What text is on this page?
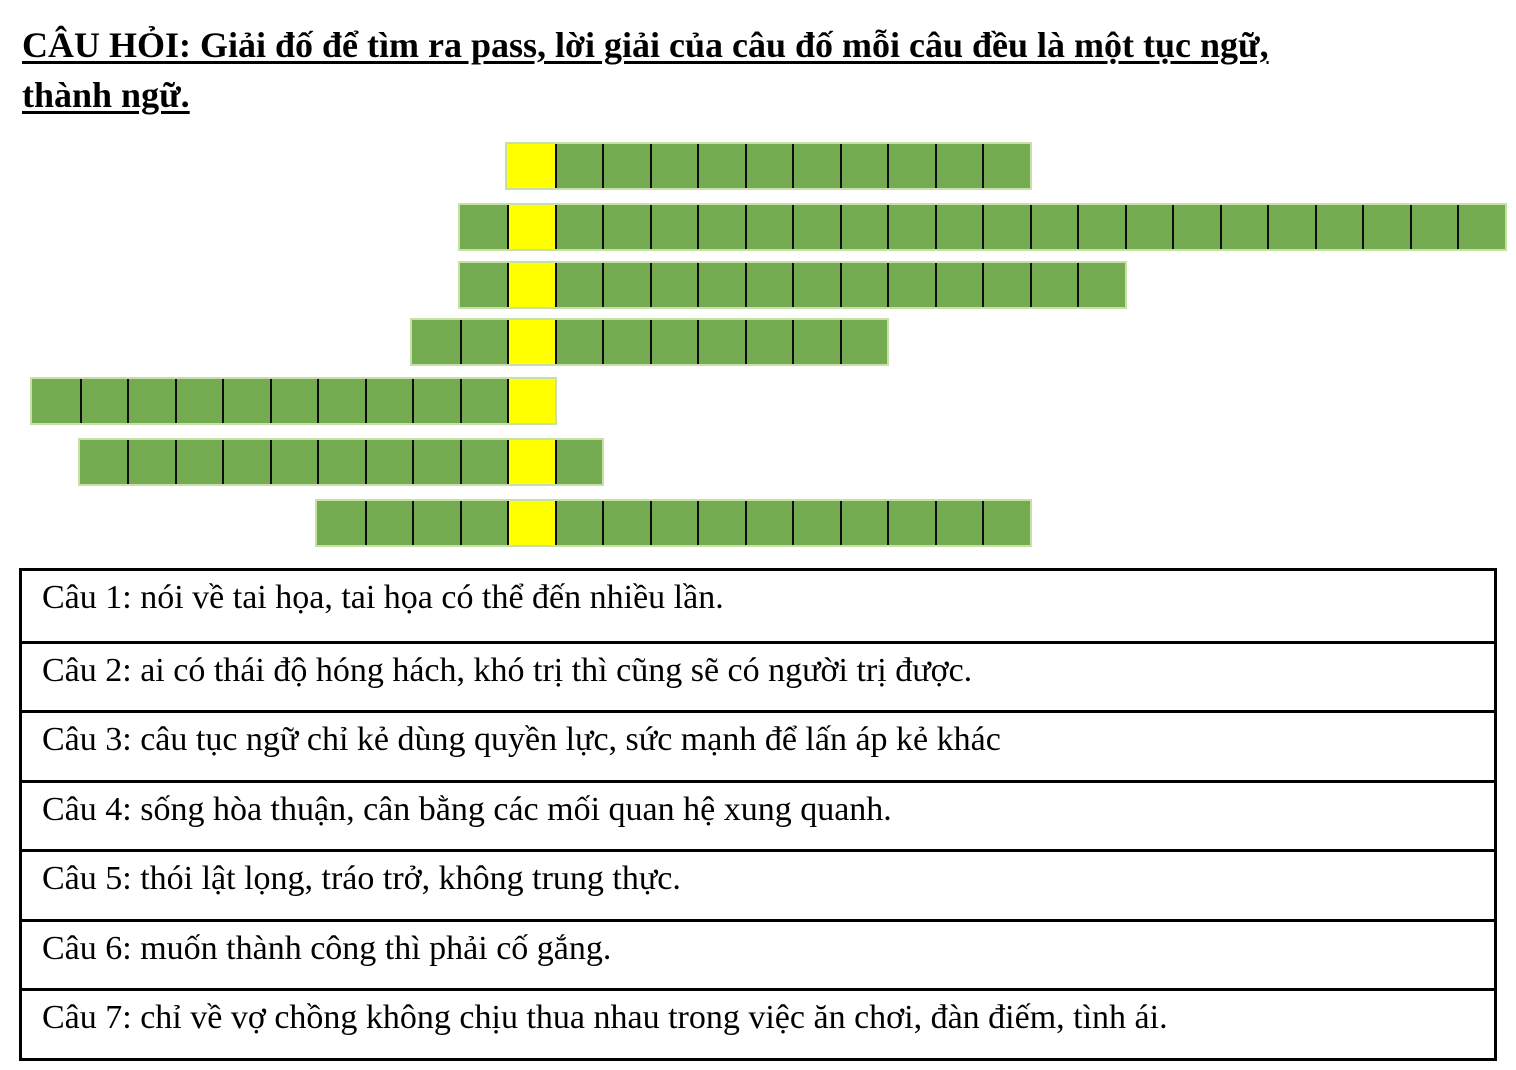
CÂU HỎI: Giải đố để tìm ra pass, lời giải của câu đố mỗi câu đều là một tục ngữ,
thành ngữ.
Câu 1: nói về tai họa, tai họa có thể đến nhiều lần.
Câu 2: ai có thái độ hóng hách, khó trị thì cũng sẽ có người trị được.
Câu 3: câu tục ngữ chỉ kẻ dùng quyền lực, sức mạnh để lấn áp kẻ khác
Câu 4: sống hòa thuận, cân bằng các mối quan hệ xung quanh.
Câu 5: thói lật lọng, tráo trở, không trung thực.
Câu 6: muốn thành công thì phải cố gắng.
Câu 7: chỉ về vợ chồng không chịu thua nhau trong việc ăn chơi, đàn điếm, tình ái.
